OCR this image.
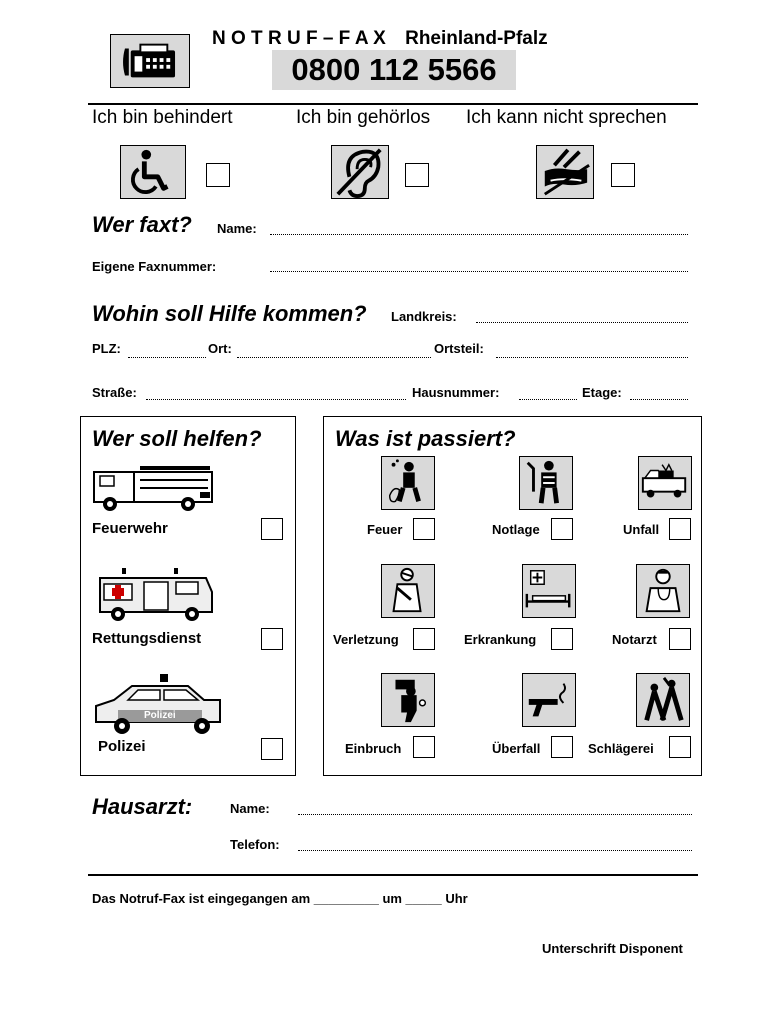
N O T R U F – F A X Rheinland-Pfalz
0800 112 5566
Ich bin behindert	Ich bin gehörlos Ich kann nicht sprechen
Wer faxt? Name:
Eigene Faxnummer:
Wohin soll Hilfe kommen? Landkreis:
PLZ:	Ort:	Ortsteil:
Straße:	Hausnummer:	Etage:
Wer soll helfen?
Feuerwehr
Rettungsdienst
Polizei
Polizei
Was ist passiert?
Feuer	Notlage	Unfall
Verletzung	Erkrankung	Notarzt
Einbruch	Überfall	Schlägerei
Hausarzt:	Name:
Telefon:
Das Notruf-Fax ist eingegangen am _________ um _____ Uhr
Unterschrift Disponent
